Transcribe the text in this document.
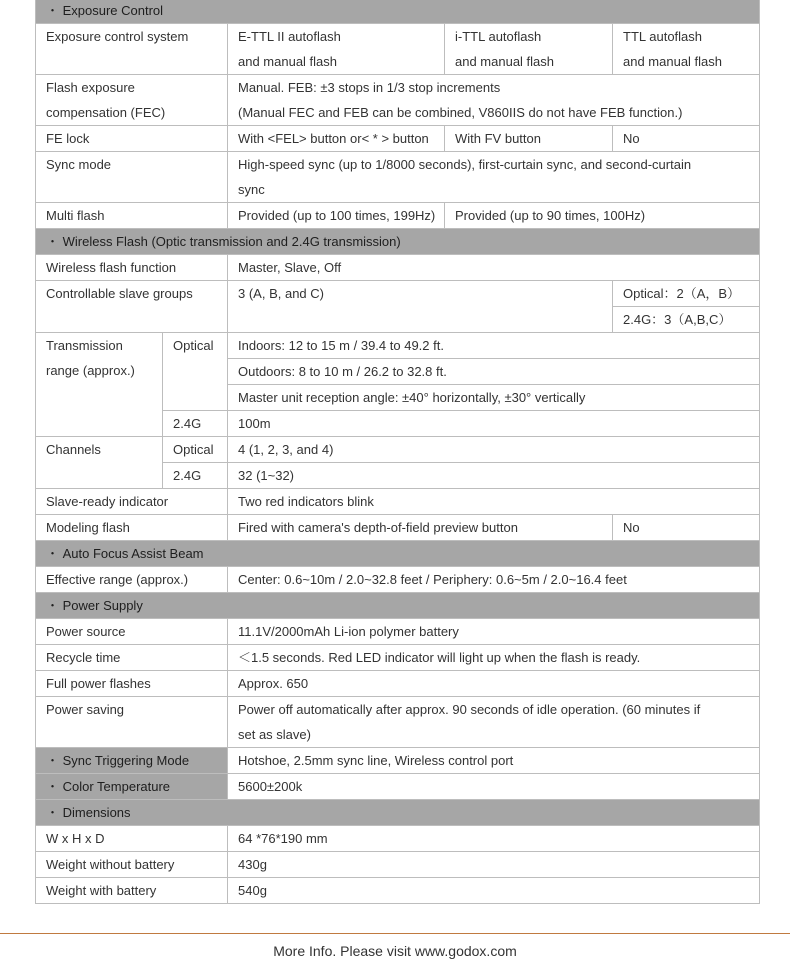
・ Exposure Control				
Exposure control system		E-TTL II autoflash	i-TTL autoflash	TTL autoflash
		and manual flash	and manual flash	and manual flash
Flash exposure		Manual. FEB: ±3 stops in 1/3 stop increments		
compensation (FEC)		(Manual FEC and FEB can be combined, V860IIS do not have FEB function.)		
FE lock		With <FEL> button or< * > button	With FV button	No
Sync mode		High-speed sync (up to 1/8000 seconds), first-curtain sync, and second-curtain		
		sync		
Multi flash		Provided (up to 100 times, 199Hz)	Provided (up to 90 times, 100Hz)	
・ Wireless Flash (Optic transmission and 2.4G transmission)				
Wireless flash function		Master, Slave, Off		
Controllable slave groups		3 (A, B, and C)		Optical：2（A，B）
				2.4G：3（A,B,C）

Transmission
range (approx.)	Optical	Indoors: 12 to 15 m / 39.4 to 49.2 ft.		
		Outdoors: 8 to 10 m / 26.2 to 32.8 ft.		
		Master unit reception angle: ±40° horizontally, ±30° vertically		
	2.4G	100m		
Channels	Optical	4 (1, 2, 3, and 4)		
	2.4G	32 (1~32)		
Slave-ready indicator		Two red indicators blink		
Modeling flash		Fired with camera's depth-of-field preview button		No
・ Auto Focus Assist Beam				
Effective range (approx.)		Center: 0.6~10m / 2.0~32.8 feet / Periphery: 0.6~5m / 2.0~16.4 feet		
・ Power Supply				
Power source		11.1V/2000mAh Li-ion polymer battery		
Recycle time		＜1.5 seconds. Red LED indicator will light up when the flash is ready.		
Full power flashes		Approx. 650		
Power saving		Power off automatically after approx. 90 seconds of idle operation. (60 minutes if		
		set as slave)		
・ Sync Triggering Mode		Hotshoe, 2.5mm sync line, Wireless control port		
・ Color Temperature		5600±200k		
・ Dimensions				
W x H x D		64 *76*190 mm		
Weight without battery		430g		
Weight with battery		540g		
More Info. Please visit www.godox.com
